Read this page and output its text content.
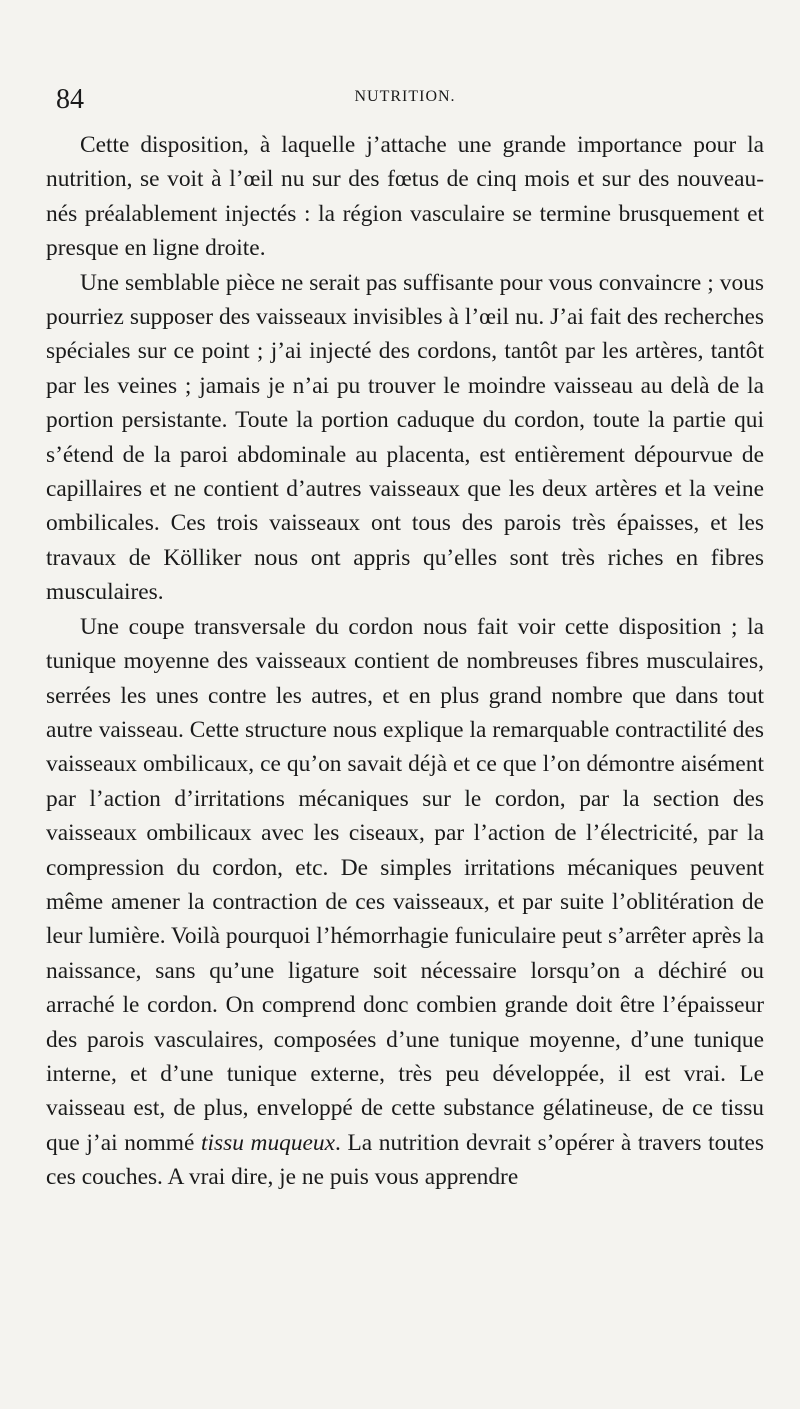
84	NUTRITION.

Cette disposition, à laquelle j’attache une grande importance pour la nutrition, se voit à l’œil nu sur des fœtus de cinq mois et sur des nouveau-nés préalablement injectés : la région vasculaire se termine brusquement et presque en ligne droite.

Une semblable pièce ne serait pas suffisante pour vous convaincre ; vous pourriez supposer des vaisseaux invisibles à l’œil nu. J’ai fait des recherches spéciales sur ce point ; j’ai injecté des cordons, tantôt par les artères, tantôt par les veines ; jamais je n’ai pu trouver le moindre vaisseau au delà de la portion persistante. Toute la portion caduque du cordon, toute la partie qui s’étend de la paroi abdominale au placenta, est entièrement dépourvue de capillaires et ne contient d’autres vaisseaux que les deux artères et la veine ombilicales. Ces trois vaisseaux ont tous des parois très épaisses, et les travaux de Kölliker nous ont appris qu’elles sont très riches en fibres musculaires.

Une coupe transversale du cordon nous fait voir cette disposition ; la tunique moyenne des vaisseaux contient de nombreuses fibres musculaires, serrées les unes contre les autres, et en plus grand nombre que dans tout autre vaisseau. Cette structure nous explique la remarquable contractilité des vaisseaux ombilicaux, ce qu’on savait déjà et ce que l’on démontre aisément par l’action d’irritations mécaniques sur le cordon, par la section des vaisseaux ombilicaux avec les ciseaux, par l’action de l’électricité, par la compression du cordon, etc. De simples irritations mécaniques peuvent même amener la contraction de ces vaisseaux, et par suite l’oblitération de leur lumière. Voilà pourquoi l’hémorrhagie funiculaire peut s’arrêter après la naissance, sans qu’une ligature soit nécessaire lorsqu’on a déchiré ou arraché le cordon. On comprend donc combien grande doit être l’épaisseur des parois vasculaires, composées d’une tunique moyenne, d’une tunique interne, et d’une tunique externe, très peu développée, il est vrai. Le vaisseau est, de plus, enveloppé de cette substance gélatineuse, de ce tissu que j’ai nommé tissu muqueux. La nutrition devrait s’opérer à travers toutes ces couches. A vrai dire, je ne puis vous apprendre
